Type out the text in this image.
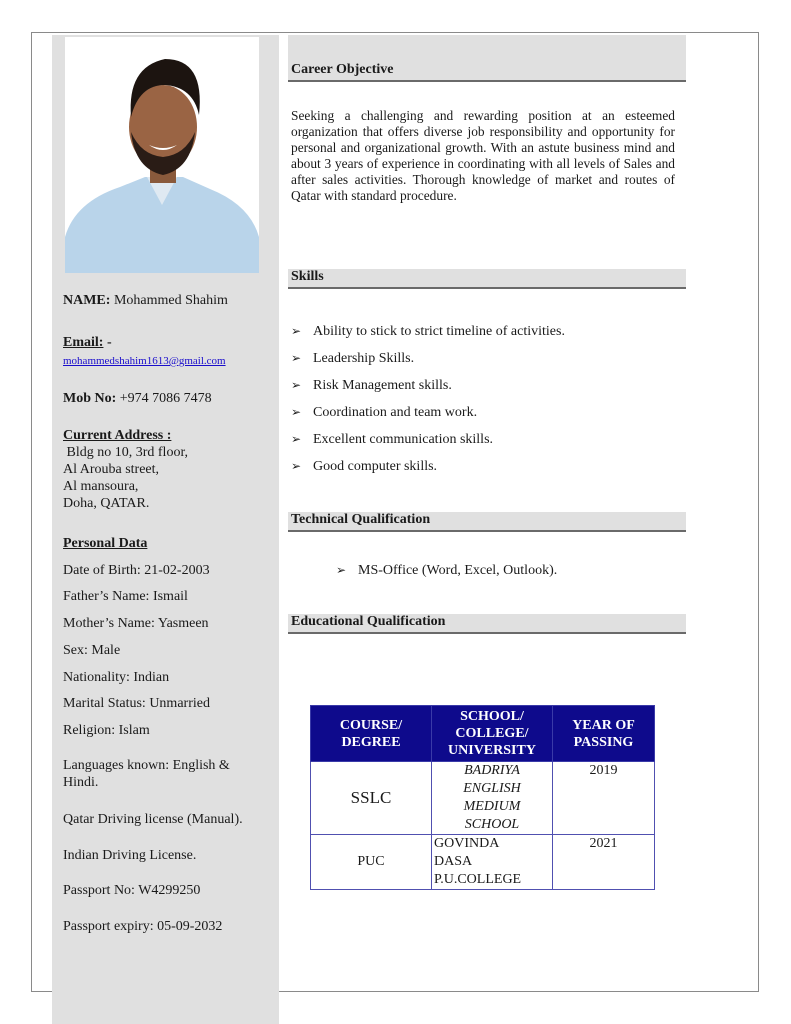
NAME: Mohammed Shahim
Email: -
mohammedshahim1613@gmail.com
Mob No: +974 7086 7478
Current Address :
Bldg no 10, 3rd floor,
Al Arouba street,
Al mansoura,
Doha, QATAR.
Personal Data
Date of Birth: 21-02-2003
Father’s Name: Ismail
Mother’s Name: Yasmeen
Sex: Male
Nationality: Indian
Marital Status: Unmarried
Religion: Islam
Languages known: English & Hindi.
Qatar Driving license (Manual).
Indian Driving License.
Passport No: W4299250
Passport expiry: 05-09-2032
Career Objective
Seeking a challenging and rewarding position at an esteemed organization that offers diverse job responsibility and opportunity for personal and organizational growth. With an astute business mind and about 3 years of experience in coordinating with all levels of Sales and after sales activities. Thorough knowledge of market and routes of Qatar with standard procedure.
Skills
➢ Ability to stick to strict timeline of activities.
➢ Leadership Skills.
➢ Risk Management skills.
➢ Coordination and team work.
➢ Excellent communication skills.
➢ Good computer skills.
Technical Qualification
➢ MS-Office (Word, Excel, Outlook).
Educational Qualification
COURSE/ DEGREE	SCHOOL/ COLLEGE/ UNIVERSITY	YEAR OF PASSING
SSLC	BADRIYA
ENGLISH
MEDIUM
SCHOOL	2019
PUC	GOVINDA
DASA
P.U.COLLEGE	2021
